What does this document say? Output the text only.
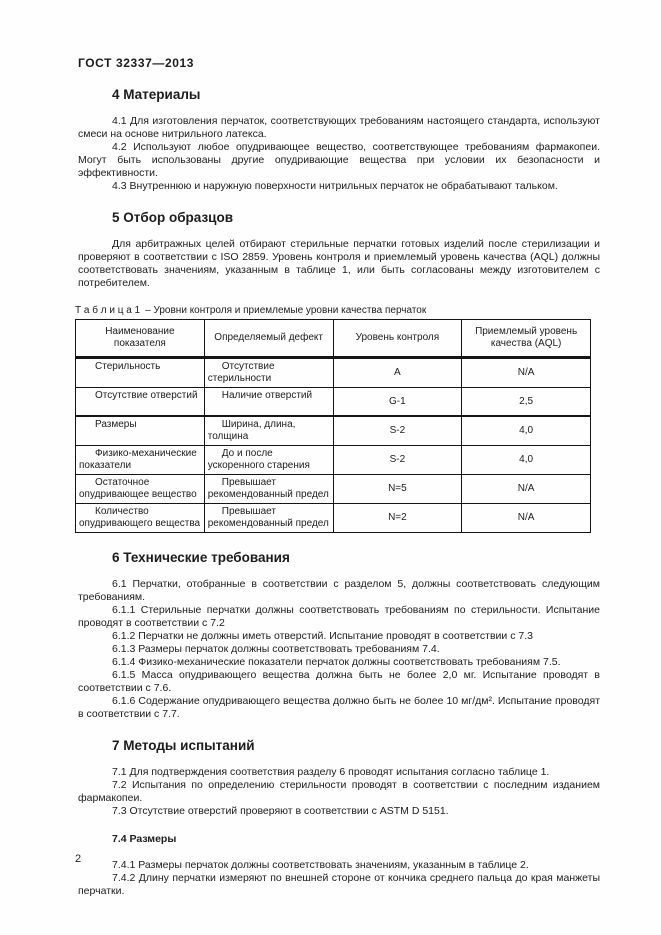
ГОСТ 32337—2013
4 Материалы

4.1 Для изготовления перчаток, соответствующих требованиям настоящего стандарта, используют смеси на основе нитрильного латекса.

4.2 Используют любое опудривающее вещество, соответствующее требованиям фармакопеи. Могут быть использованы другие опудривающие вещества при условии их безопасности и эффективности.

4.3 Внутреннюю и наружную поверхности нитрильных перчаток не обрабатывают тальком.

5 Отбор образцов

Для арбитражных целей отбирают стерильные перчатки готовых изделий после стерилизации и проверяют в соответствии с ISO 2859. Уровень контроля и приемлемый уровень качества (AQL) должны соответствовать значениям, указанным в таблице 1, или быть согласованы между изготовителем с потребителем.

Т а б л и ц а 1 – Уровни контроля и приемлемые уровни качества перчаток
Наименование показателя	Определяемый дефект	Уровень контроля	Приемлемый уровень качества (AQL)
Стерильность	Отсутствие стерильности	А	N/A
Отсутствие отверстий	Наличие отверстий	G-1	2,5
Размеры	Ширина, длина, толщина	S-2	4,0
Физико-механические показатели	До и после ускоренного старения	S-2	4,0
Остаточное опудривающее вещество	Превышает рекомендованный предел	N=5	N/A
Количество опудривающего вещества	Превышает рекомендованный предел	N=2	N/A
6 Технические требования

6.1 Перчатки, отобранные в соответствии с разделом 5, должны соответствовать следующим требованиям.

6.1.1 Стерильные перчатки должны соответствовать требованиям по стерильности. Испытание проводят в соответствии с 7.2

6.1.2 Перчатки не должны иметь отверстий. Испытание проводят в соответствии с 7.3

6.1.3 Размеры перчаток должны соответствовать требованиям 7.4.

6.1.4 Физико-механические показатели перчаток должны соответствовать требованиям 7.5.

6.1.5 Масса опудривающего вещества должна быть не более 2,0 мг. Испытание проводят в соответствии с 7.6.

6.1.6 Содержание опудривающего вещества должно быть не более 10 мг/дм². Испытание проводят в соответствии с 7.7.

7 Методы испытаний

7.1 Для подтверждения соответствия разделу 6 проводят испытания согласно таблице 1.

7.2 Испытания по определению стерильности проводят в соответствии с последним изданием фармакопеи.

7.3 Отсутствие отверстий проверяют в соответствии с ASTM D 5151.

7.4 Размеры

7.4.1 Размеры перчаток должны соответствовать значениям, указанным в таблице 2.

7.4.2 Длину перчатки измеряют по внешней стороне от кончика среднего пальца до края манжеты перчатки.

2
